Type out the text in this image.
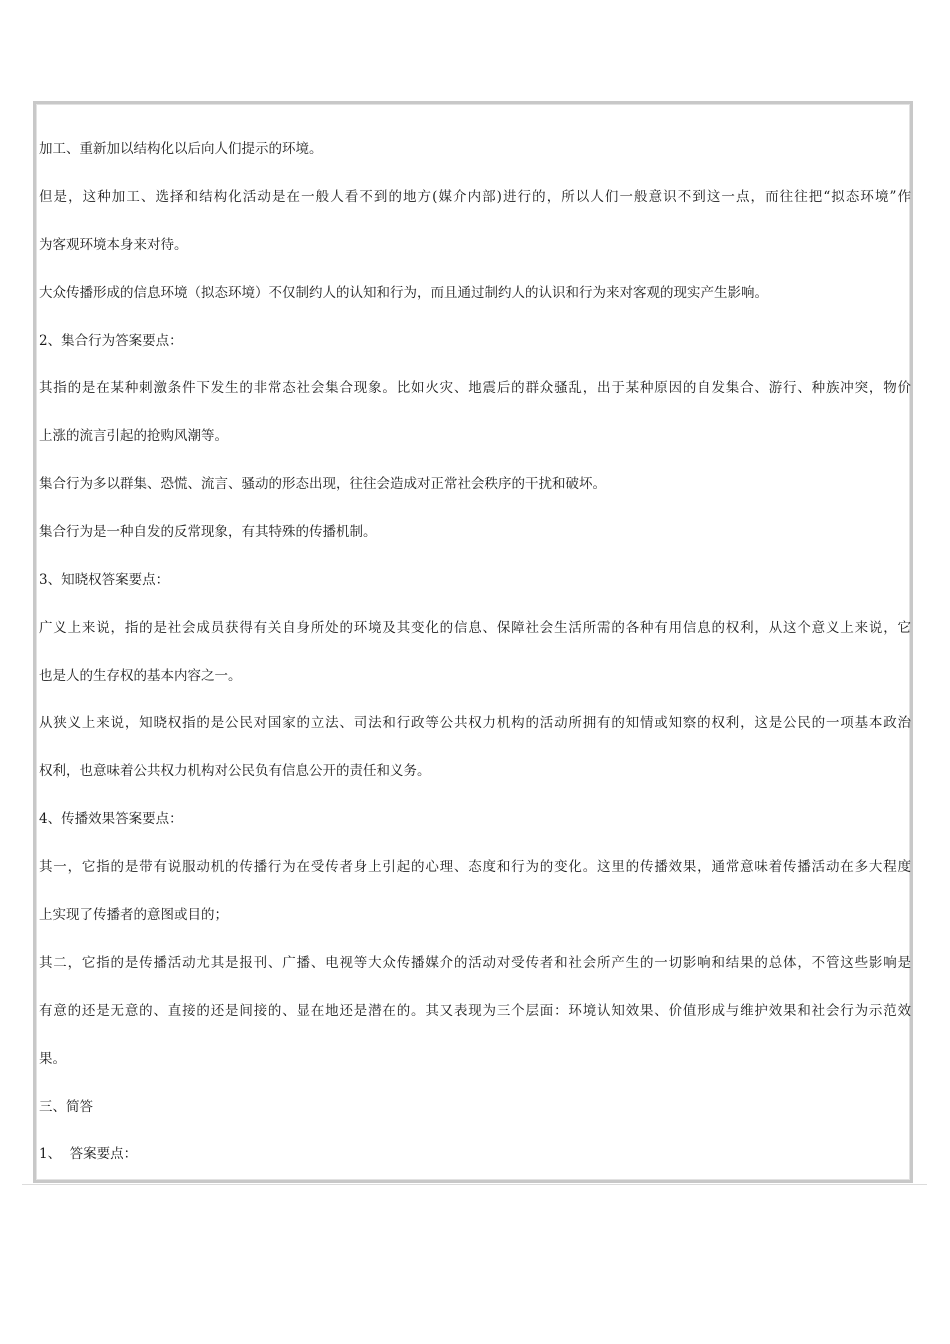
加工、重新加以结构化以后向人们提示的环境。
但是，这种加工、选择和结构化活动是在一般人看不到的地方(媒介内部)进行的，所以人们一般意识不到这一点，而往往把“拟态环境”作
为客观环境本身来对待。
大众传播形成的信息环境（拟态环境）不仅制约人的认知和行为，而且通过制约人的认识和行为来对客观的现实产生影响。
2、集合行为答案要点：
其指的是在某种刺激条件下发生的非常态社会集合现象。比如火灾、地震后的群众骚乱，出于某种原因的自发集合、游行、种族冲突，物价
上涨的流言引起的抢购风潮等。
集合行为多以群集、恐慌、流言、骚动的形态出现，往往会造成对正常社会秩序的干扰和破坏。
集合行为是一种自发的反常现象，有其特殊的传播机制。
3、知晓权答案要点：
广义上来说，指的是社会成员获得有关自身所处的环境及其变化的信息、保障社会生活所需的各种有用信息的权利，从这个意义上来说，它
也是人的生存权的基本内容之一。
从狭义上来说，知晓权指的是公民对国家的立法、司法和行政等公共权力机构的活动所拥有的知情或知察的权利，这是公民的一项基本政治
权利，也意味着公共权力机构对公民负有信息公开的责任和义务。
4、传播效果答案要点：
其一，它指的是带有说服动机的传播行为在受传者身上引起的心理、态度和行为的变化。这里的传播效果，通常意味着传播活动在多大程度
上实现了传播者的意图或目的；
其二，它指的是传播活动尤其是报刊、广播、电视等大众传播媒介的活动对受传者和社会所产生的一切影响和结果的总体，不管这些影响是
有意的还是无意的、直接的还是间接的、显在地还是潜在的。其又表现为三个层面：环境认知效果、价值形成与维护效果和社会行为示范效
果。
三、简答
1、  答案要点：
